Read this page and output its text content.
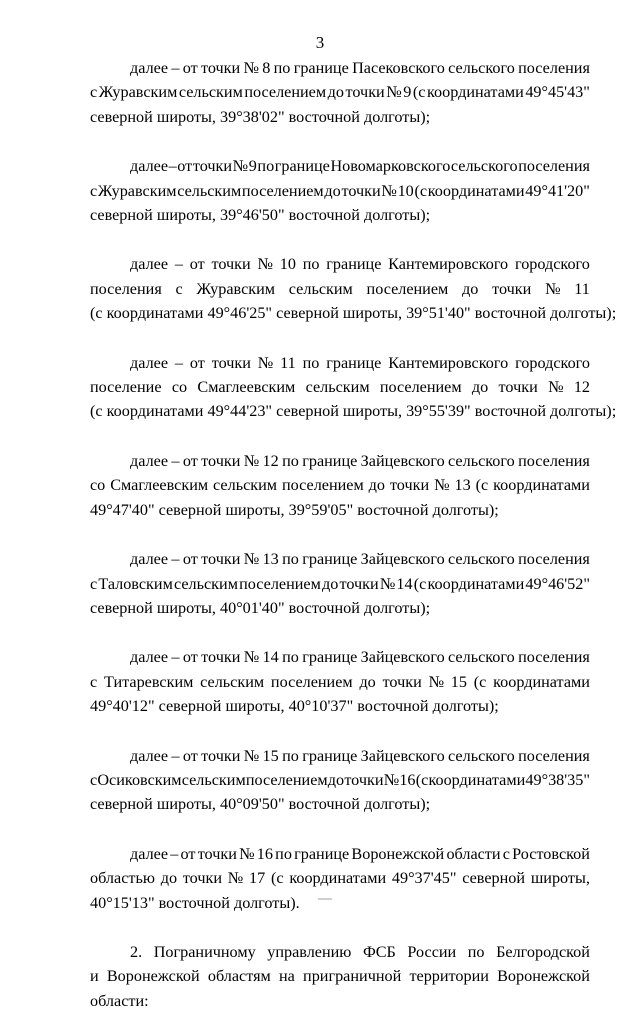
3
далее – от точки № 8 по границе Пасековского сельского поселения
с Журавским сельским поселением до точки № 9 (с координатами 49°45'43"
северной широты, 39°38'02" восточной долготы);
далее – от точки № 9 по границе Новомарковского сельского поселения
с Журавским сельским поселением до точки № 10 (с координатами 49°41'20"
северной широты, 39°46'50" восточной долготы);
далее – от точки № 10 по границе Кантемировского городского
поселения с Журавским сельским поселением до точки № 11
(с координатами 49°46'25" северной широты, 39°51'40" восточной долготы);
далее – от точки № 11 по границе Кантемировского городского
поселение со Смаглеевским сельским поселением до точки № 12
(с координатами 49°44'23" северной широты, 39°55'39" восточной долготы);
далее – от точки № 12 по границе Зайцевского сельского поселения
со Смаглеевским сельским поселением до точки № 13 (с координатами
49°47'40" северной широты, 39°59'05" восточной долготы);
далее – от точки № 13 по границе Зайцевского сельского поселения
с Таловским сельским поселением до точки № 14 (с координатами 49°46'52"
северной широты, 40°01'40" восточной долготы);
далее – от точки № 14 по границе Зайцевского сельского поселения
с Титаревским сельским поселением до точки № 15 (с координатами
49°40'12" северной широты, 40°10'37" восточной долготы);
далее – от точки № 15 по границе Зайцевского сельского поселения
с Осиковским сельским поселением до точки № 16 (с координатами 49°38'35"
северной широты, 40°09'50" восточной долготы);
далее – от точки № 16 по границе Воронежской области с Ростовской
областью до точки № 17 (с координатами 49°37'45" северной широты,
40°15'13" восточной долготы).
2. Пограничному управлению ФСБ России по Белгородской
и Воронежской областям на приграничной территории Воронежской
области:
